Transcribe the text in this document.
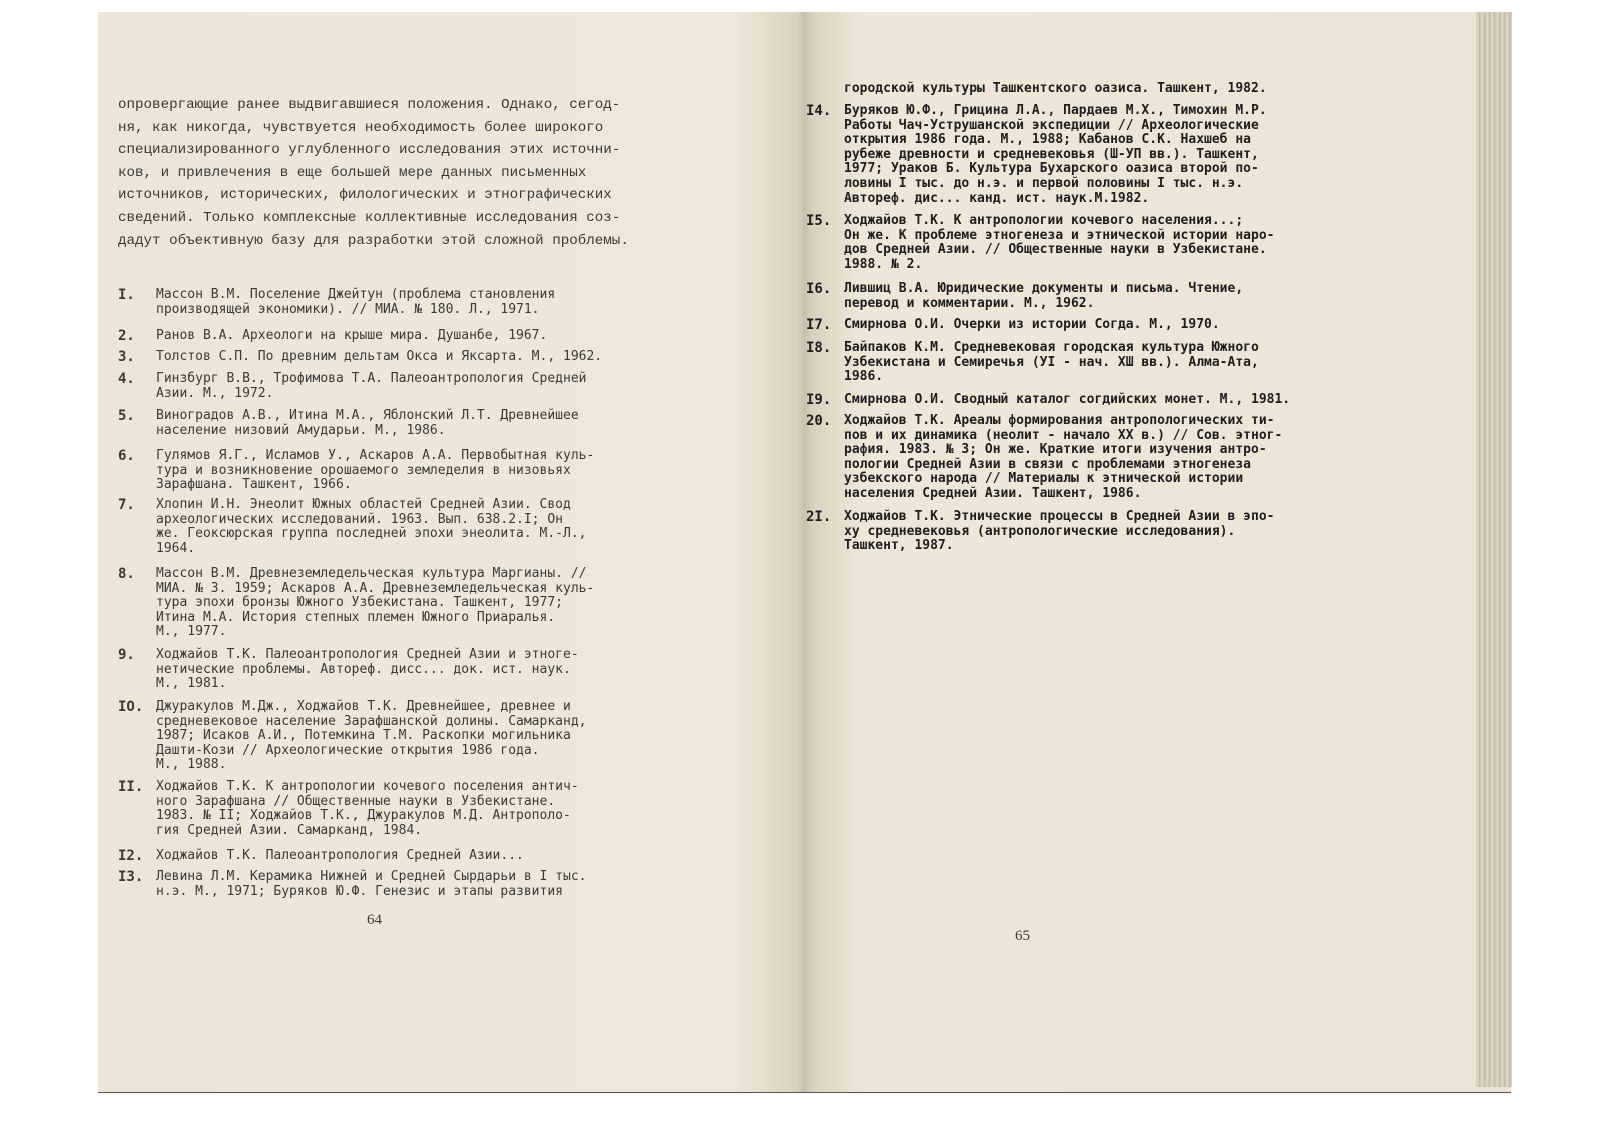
опровергающие ранее выдвигавшиеся положения. Однако, сегод-

ня, как никогда, чувствуется необходимость более широкого

специализированного углубленного исследования этих источни-

ков, и привлечения в еще большей мере данных письменных

источников, исторических, филологических и этнографических

сведений. Только комплексные коллективные исследования соз-

дадут объективную базу для разработки этой сложной проблемы.

I.	Массон В.М. Поселение Джейтун (проблема становления
производящей экономики). // МИА. № 180. Л., 1971.
2.	Ранов В.А. Археологи на крыше мира. Душанбе, 1967.
3.	Толстов С.П. По древним дельтам Окса и Яксарта. М., 1962.
4.	Гинзбург В.В., Трофимова Т.А. Палеоантропология Средней
Азии. М., 1972.
5.	Виноградов А.В., Итина М.А., Яблонский Л.Т. Древнейшее
население низовий Амударьи. М., 1986.
6.	Гулямов Я.Г., Исламов У., Аскаров А.А. Первобытная куль-
тура и возникновение орошаемого земледелия в низовьях
Зарафшана. Ташкент, 1966.
7.	Хлопин И.Н. Энеолит Южных областей Средней Азии. Свод
археологических исследований. 1963. Вып. 638.2.I; Он
же. Геоксюрская группа последней эпохи энеолита. М.-Л.,
1964.
8.	Массон В.М. Древнеземледельческая культура Маргианы. //
МИА. № 3. 1959; Аскаров А.А. Древнеземледельческая куль-
тура эпохи бронзы Южного Узбекистана. Ташкент, 1977;
Итина М.А. История степных племен Южного Приаралья.
М., 1977.
9.	Ходжайов Т.К. Палеоантропология Средней Азии и этноге-
нетические проблемы. Автореф. дисс... док. ист. наук.
М., 1981.
IO. Джуракулов М.Дж., Ходжайов Т.К. Древнейшее, древнее и
средневековое население Зарафшанской долины. Самарканд,
1987; Исаков А.И., Потемкина Т.М. Раскопки могильника
Дашти-Кози // Археологические открытия 1986 года.
М., 1988.
II. Ходжайов Т.К. К антропологии кочевого поселения антич-
ного Зарафшана // Общественные науки в Узбекистане.
1983. № II; Ходжайов Т.К., Джуракулов М.Д. Антрополо-
гия Средней Азии. Самарканд, 1984.
I2. Ходжайов Т.К. Палеоантропология Средней Азии...
I3. Левина Л.М. Керамика Нижней и Средней Сырдарьи в I тыс.
н.э. М., 1971; Буряков Ю.Ф. Генезис и этапы развития
64
городской культуры Ташкентского оазиса. Ташкент, 1982.
I4. Буряков Ю.Ф., Грицина Л.А., Пардаев М.Х., Тимохин М.Р.
Работы Чач-Уструшанской экспедиции // Археологические
открытия 1986 года. М., 1988; Кабанов С.К. Нахшеб на
рубеже древности и средневековья (Ш-УП вв.). Ташкент,
1977; Ураков Б. Культура Бухарского оазиса второй по-
ловины I тыс. до н.э. и первой половины I тыс. н.э.
Автореф. дис... канд. ист. наук.М.1982.
I5. Ходжайов Т.К. К антропологии кочевого населения...;
Он же. К проблеме этногенеза и этнической истории наро-
дов Средней Азии. // Общественные науки в Узбекистане.
1988. № 2.
I6. Лившиц В.А. Юридические документы и письма. Чтение,
перевод и комментарии. М., 1962.
I7. Смирнова О.И. Очерки из истории Согда. М., 1970.
I8. Байпаков К.М. Средневековая городская культура Южного
Узбекистана и Семиречья (УI - нач. ХШ вв.). Алма-Ата,
1986.
I9. Смирнова О.И. Сводный каталог согдийских монет. М., 1981.
20. Ходжайов Т.К. Ареалы формирования антропологических ти-
пов и их динамика (неолит - начало XX в.) // Сов. этног-
рафия. 1983. № 3; Он же. Краткие итоги изучения антро-
пологии Средней Азии в связи с проблемами этногенеза
узбекского народа // Материалы к этнической истории
населения Средней Азии. Ташкент, 1986.
2I. Ходжайов Т.К. Этнические процессы в Средней Азии в эпо-
ху средневековья (антропологические исследования).
Ташкент, 1987.
65
